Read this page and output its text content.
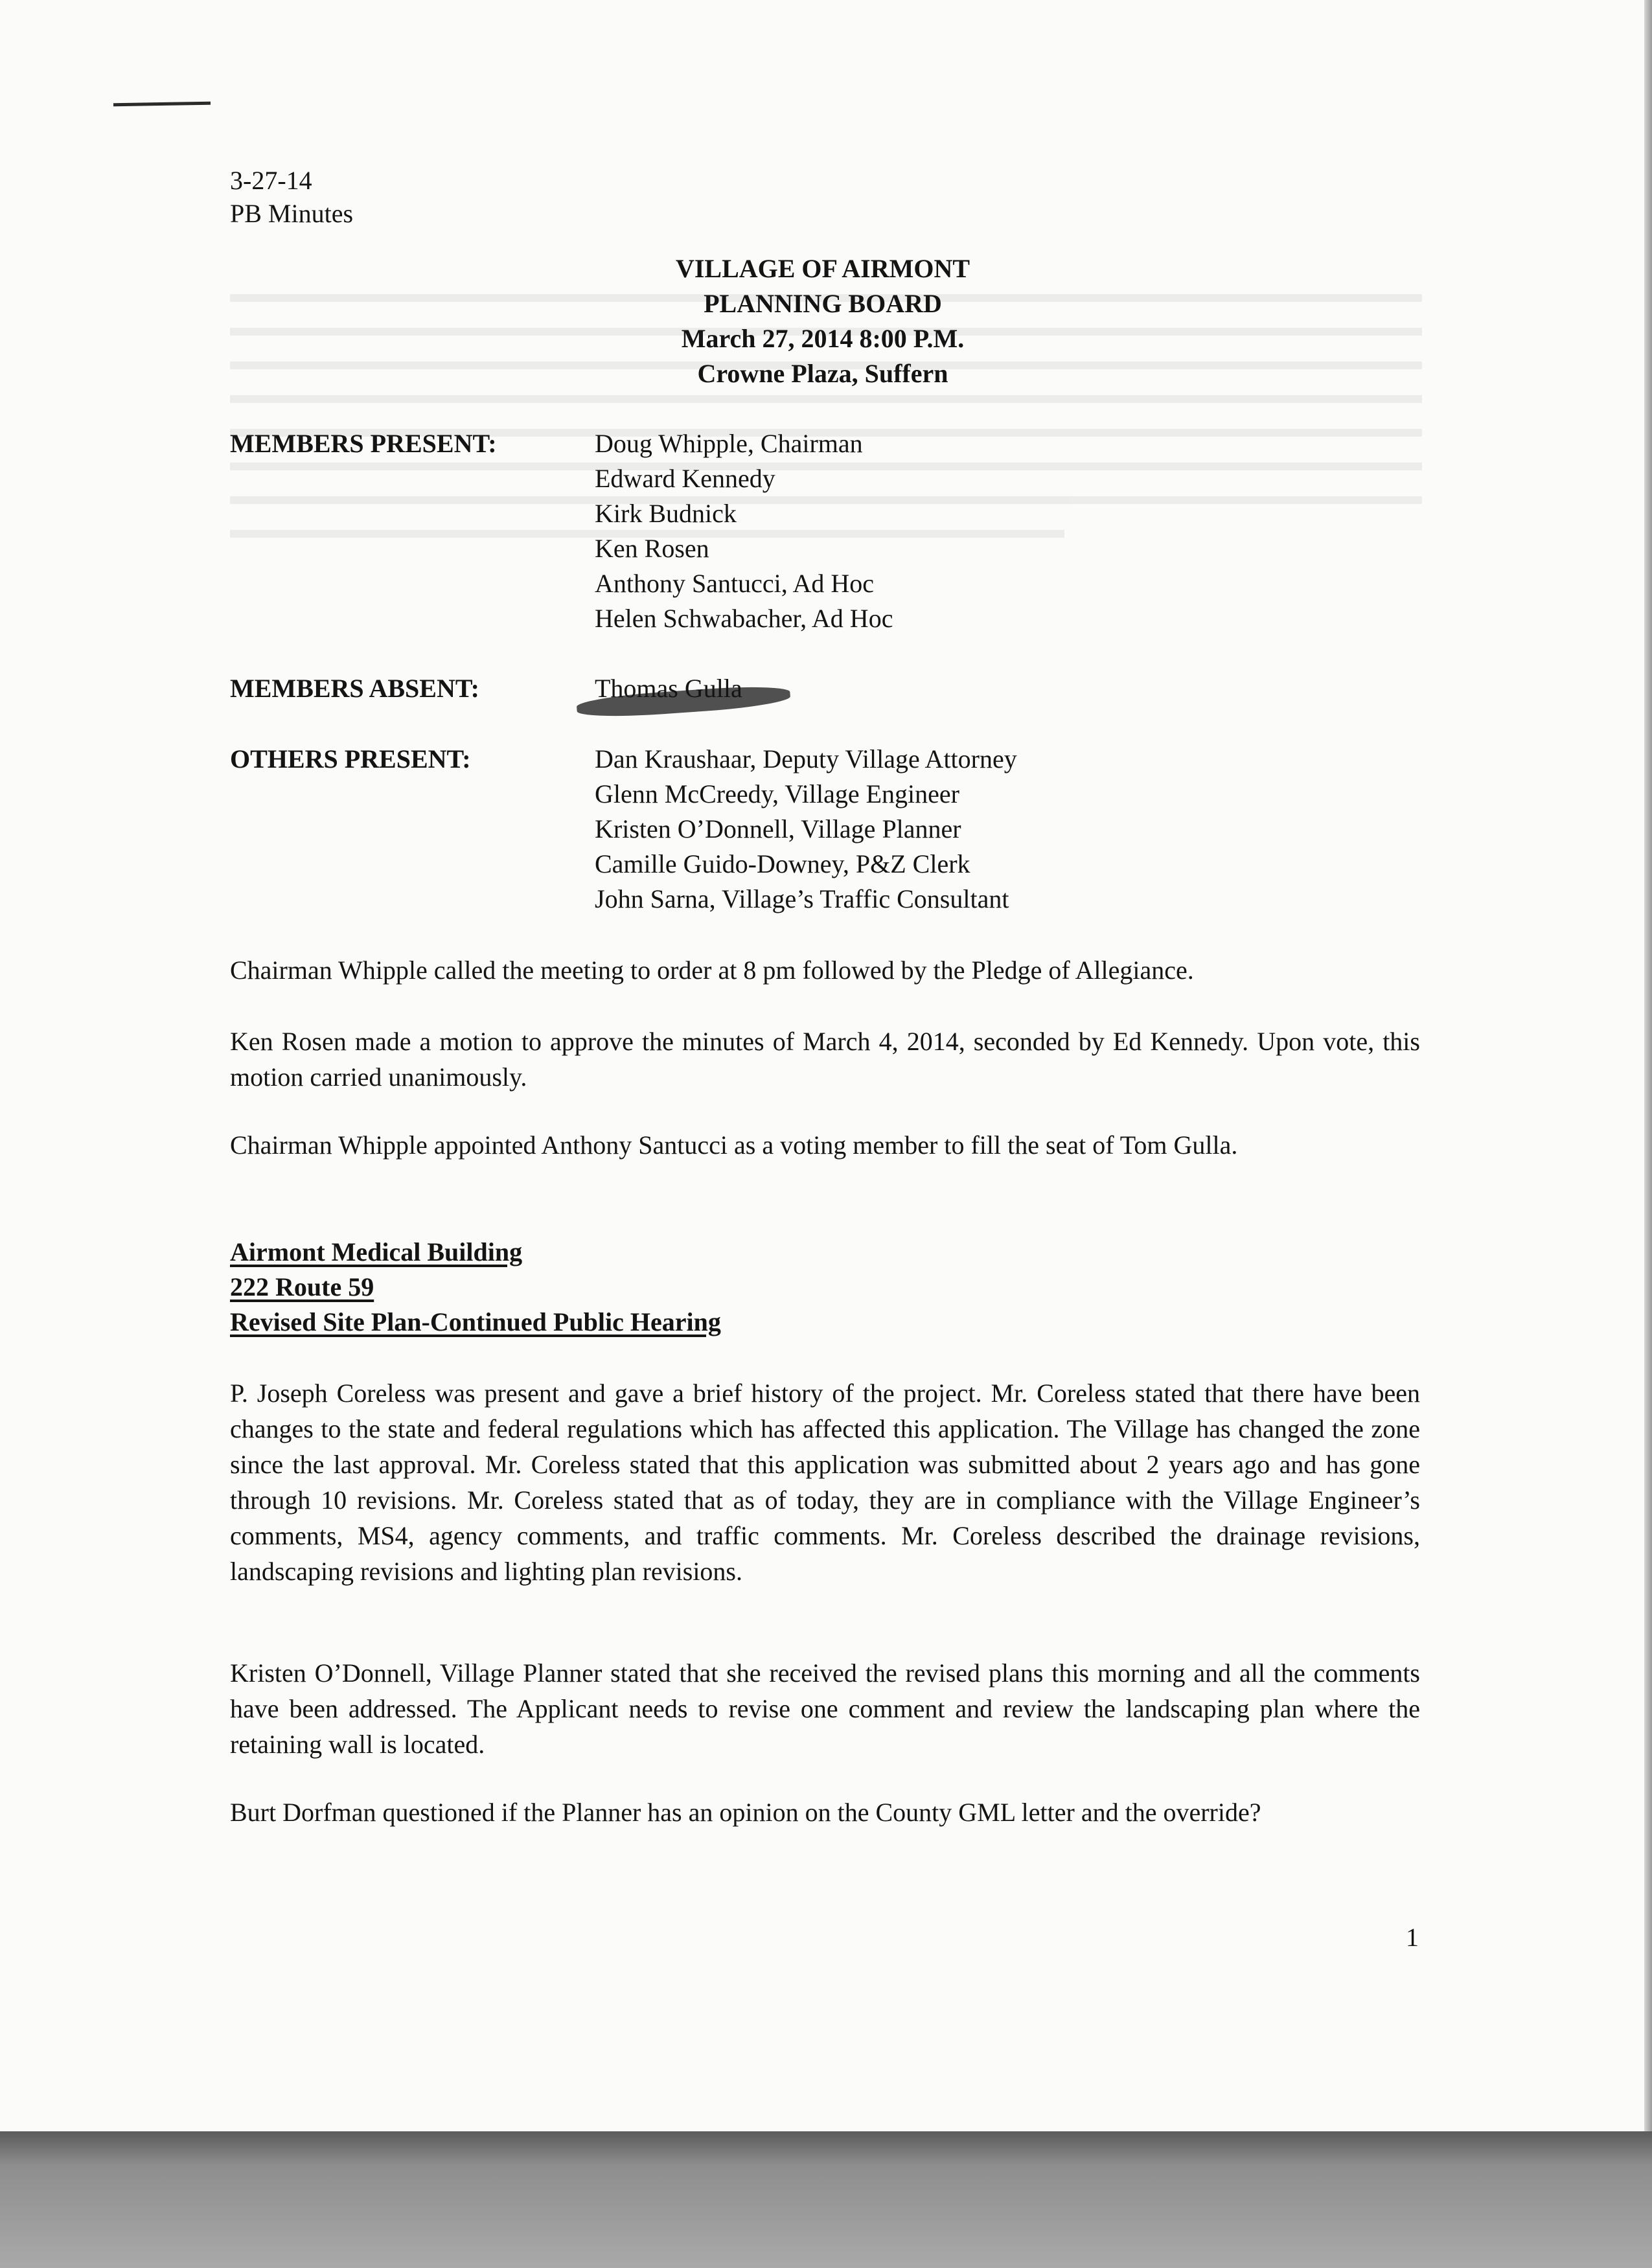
3-27-14

PB Minutes

VILLAGE OF AIRMONT
PLANNING BOARD
March 27, 2014 8:00 P.M.
Crowne Plaza, Suffern
MEMBERS PRESENT:	Doug Whipple, Chairman
Edward Kennedy
Kirk Budnick
Ken Rosen
Anthony Santucci, Ad Hoc
Helen Schwabacher, Ad Hoc
MEMBERS ABSENT:	Thomas Gulla
OTHERS PRESENT:	Dan Kraushaar, Deputy Village Attorney
Glenn McCreedy, Village Engineer
Kristen O’Donnell, Village Planner
Camille Guido-Downey, P&Z Clerk
John Sarna, Village’s Traffic Consultant

Chairman Whipple called the meeting to order at 8 pm followed by the Pledge of Allegiance.

Ken Rosen made a motion to approve the minutes of March 4, 2014, seconded by Ed Kennedy. Upon vote, this motion carried unanimously.

Chairman Whipple appointed Anthony Santucci as a voting member to fill the seat of Tom Gulla.

Airmont Medical Building
222 Route 59
Revised Site Plan-Continued Public Hearing

P. Joseph Coreless was present and gave a brief history of the project. Mr. Coreless stated that there have been changes to the state and federal regulations which has affected this application. The Village has changed the zone since the last approval. Mr. Coreless stated that this application was submitted about 2 years ago and has gone through 10 revisions. Mr. Coreless stated that as of today, they are in compliance with the Village Engineer’s comments, MS4, agency comments, and traffic comments. Mr. Coreless described the drainage revisions, landscaping revisions and lighting plan revisions.

Kristen O’Donnell, Village Planner stated that she received the revised plans this morning and all the comments have been addressed. The Applicant needs to revise one comment and review the landscaping plan where the retaining wall is located.

Burt Dorfman questioned if the Planner has an opinion on the County GML letter and the override?

1
